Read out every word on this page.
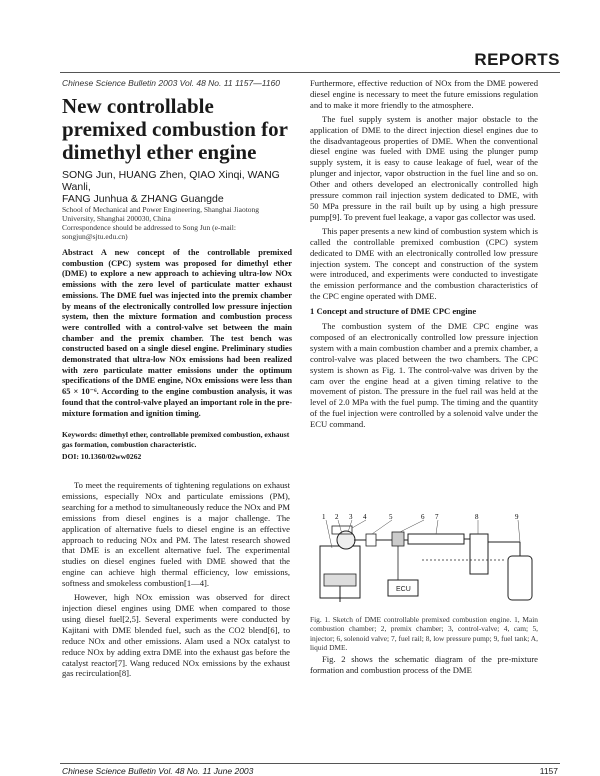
REPORTS
Chinese Science Bulletin 2003 Vol. 48 No. 11 1157—1160
New controllable premixed combustion for dimethyl ether engine
SONG Jun, HUANG Zhen, QIAO Xinqi, WANG Wanli,
FANG Junhua & ZHANG Guangde
School of Mechanical and Power Engineering, Shanghai Jiaotong University, Shanghai 200030, China
Correspondence should be addressed to Song Jun (e-mail: songjun@sjtu.edu.cn)
Abstract A new concept of the controllable premixed combustion (CPC) system was proposed for dimethyl ether (DME) to explore a new approach to achieving ultra-low NOx emissions with the zero level of particulate matter exhaust emissions. The DME fuel was injected into the premix chamber by means of the electronically controlled low pressure injection system, then the mixture formation and combustion process were controlled with a control-valve set between the main chamber and the premix chamber. The test bench was constructed based on a single diesel engine. Preliminary studies demonstrated that ultra-low NOx emissions had been realized with zero particulate matter emissions under the optimum specifications of the DME engine, NOx emissions were less than 65 × 10⁻⁶. According to the engine combustion analysis, it was found that the control-valve played an important role in the pre-mixture formation and ignition timing.
Keywords: dimethyl ether, controllable premixed combustion, exhaust gas formation, combustion characteristic.
DOI: 10.1360/02ww0262

To meet the requirements of tightening regulations on exhaust emissions, especially NOx and particulate emissions (PM), searching for a method to simultaneously reduce the NOx and PM emissions from diesel engines is a major challenge. The application of alternative fuels to diesel engine is an effective approach to reducing NOx and PM. The latest research showed that DME is an excellent alternative fuel. The experimental studies on diesel engines fueled with DME showed that the engine can achieve high thermal efficiency, low emissions, softness and smokeless combustion[1—4].

However, high NOx emission was observed for direct injection diesel engines using DME when compared to those using diesel fuel[2,5]. Several experiments were conducted by Kajitani with DME blended fuel, such as the CO2 blend[6], to reduce NOx and other emissions. Alam used a NOx catalyst to reduce NOx by adding extra DME into the exhaust gas before the catalyst reactor[7]. Wang reduced NOx emissions by the exhaust gas recirculation[8].

Furthermore, effective reduction of NOx from the DME powered diesel engine is necessary to meet the future emissions regulation and to make it more friendly to the atmosphere.

The fuel supply system is another major obstacle to the application of DME to the direct injection diesel engines due to the disadvantageous properties of DME. When the conventional diesel engine was fueled with DME using the plunger pump supply system, it is easy to cause leakage of fuel, wear of the plunger and injector, vapor obstruction in the fuel line and so on. Other and others developed an electronically controlled high pressure common rail injection system dedicated to DME, with 50 MPa pressure in the rail built up by using a high pressure pump[9]. To prevent fuel leakage, a vapor gas collector was used.

This paper presents a new kind of combustion system which is called the controllable premixed combustion (CPC) system dedicated to DME with an electronically controlled low pressure injection system. The concept and construction of the system were introduced, and experiments were conducted to investigate the emission performance and the combustion characteristics of the CPC engine operated with DME.

1 Concept and structure of DME CPC engine

The combustion system of the DME CPC engine was composed of an electronically controlled low pressure injection system with a main combustion chamber and a premix chamber, a control-valve was placed between the two chambers. The CPC system is shown as Fig. 1. The control-valve was driven by the cam over the engine head at a given timing relative to the movement of piston. The pressure in the fuel rail was held at the level of 2.0 MPa with the fuel pump. The timing and the quantity of the fuel injection were controlled by a solenoid valve under the ECU command.

ECU
1 2 3 4	5	6 7	8	9
Fig. 1. Sketch of DME controllable premixed combustion engine. 1, Main combustion chamber; 2, premix chamber; 3, control-valve; 4, cam; 5, injector; 6, solenoid valve; 7, fuel rail; 8, low pressure pump; 9, fuel tank; A, liquid DME.

Fig. 2 shows the schematic diagram of the pre-mixture formation and combustion process of the DME

Chinese Science Bulletin Vol. 48 No. 11 June 2003	1157
